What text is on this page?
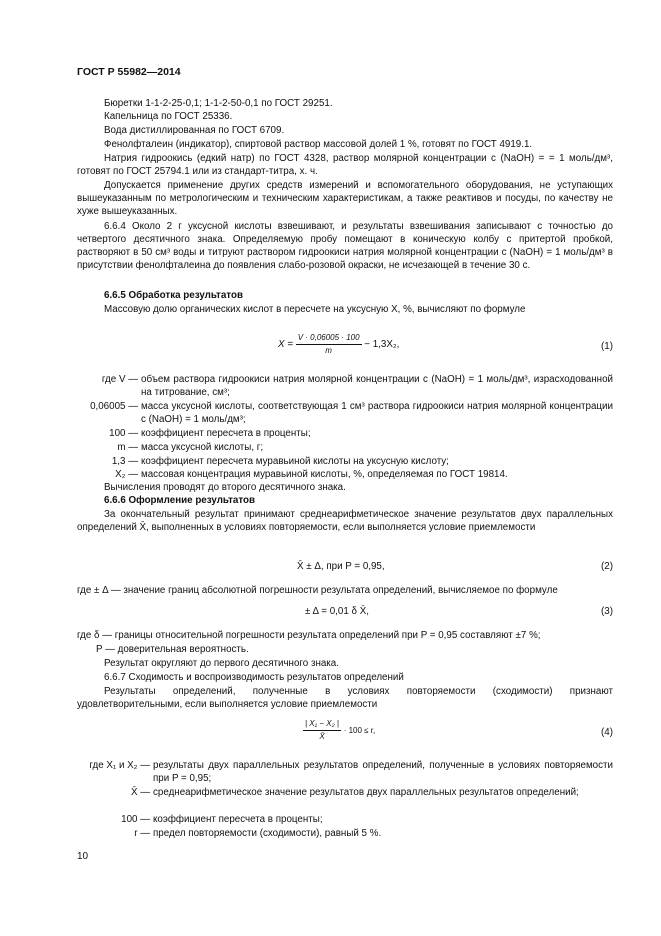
ГОСТ Р 55982—2014
Бюретки 1-1-2-25-0,1; 1-1-2-50-0,1 по ГОСТ 29251.
Капельница по ГОСТ 25336.
Вода дистиллированная по ГОСТ 6709.
Фенолфталеин (индикатор), спиртовой раствор массовой долей 1 %, готовят по ГОСТ 4919.1.
Натрия гидроокись (едкий натр) по ГОСТ 4328, раствор молярной концентрации c (NaOH) = = 1 моль/дм³, готовят по ГОСТ 25794.1 или из стандарт-титра, х. ч.
Допускается применение других средств измерений и вспомогательного оборудования, не уступающих вышеуказанным по метрологическим и техническим характеристикам, а также реактивов и посуды, по качеству не хуже вышеуказанных.
6.6.4 Около 2 г уксусной кислоты взвешивают, и результаты взвешивания записывают с точностью до четвертого десятичного знака. Определяемую пробу помещают в коническую колбу с притертой пробкой, растворяют в 50 см³ воды и титруют раствором гидроокиси натрия молярной концентрации c (NaOH) = 1 моль/дм³ в присутствии фенолфталеина до появления слабо-розовой окраски, не исчезающей в течение 30 с.
6.6.5 Обработка результатов
Массовую долю органических кислот в пересчете на уксусную X, %, вычисляют по формуле
$X = \frac{V \cdot 0,06005 \cdot 100}{m} - 1,3X_2$,	(1)
где V — объем раствора гидроокиси натрия молярной концентрации c (NaOH) = 1 моль/дм³, израсходованной на титрование, см³;
0,06005 — масса уксусной кислоты, соответствующая 1 см³ раствора гидроокиси натрия молярной концентрации c (NaOH) = 1 моль/дм³;
100 — коэффициент пересчета в проценты;
m — масса уксусной кислоты, г;
1,3 — коэффициент пересчета муравьиной кислоты на уксусную кислоту;
X₂ — массовая концентрация муравьиной кислоты, %, определяемая по ГОСТ 19814.
Вычисления проводят до второго десятичного знака.
6.6.6 Оформление результатов
За окончательный результат принимают среднеарифметическое значение результатов двух параллельных определений X̄, выполненных в условиях повторяемости, если выполняется условие приемлемости
X̄ ± Δ, при P = 0,95,	(2)
где ± Δ — значение границ абсолютной погрешности результата определений, вычисляемое по формуле
± Δ = 0,01 δ X̄,	(3)
где δ — границы относительной погрешности результата определений при P = 0,95 составляют ±7 %;
P — доверительная вероятность.
Результат округляют до первого десятичного знака.
6.6.7 Сходимость и воспроизводимость результатов определений
Результаты определений, полученные в условиях повторяемости (сходимости) признают удовлетворительными, если выполняется условие приемлемости
$\frac{\text{| X₁ − X₂ |}}{X̄} \cdot 100 \le r$,	(4)
где X₁ и X₂ — результаты двух параллельных результатов определений, полученные в условиях повторяемости при P = 0,95;
X̄ — среднеарифметическое значение результатов двух параллельных результатов определений;
100 — коэффициент пересчета в проценты;
r — предел повторяемости (сходимости), равный 5 %.
10
